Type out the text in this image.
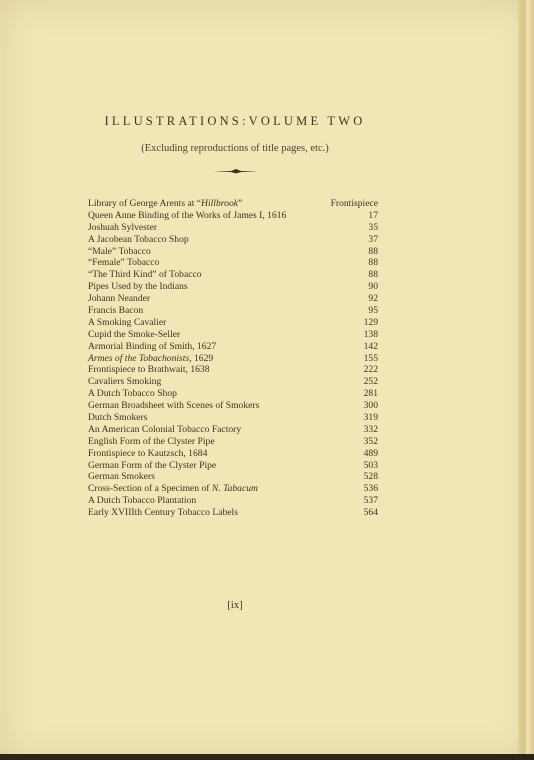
ILLUSTRATIONS:VOLUME TWO
(Excluding reproductions of title pages, etc.)
Library of George Arents at “Hillbrook”	Frontispiece
Queen Anne Binding of the Works of James I, 1616	17
Joshuah Sylvester	35
A Jacobean Tobacco Shop	37
“Male” Tobacco	88
“Female” Tobacco	88
“The Third Kind” of Tobacco	88
Pipes Used by the Indians	90
Johann Neander	92
Francis Bacon	95
A Smoking Cavalier	129
Cupid the Smoke-Seller	138
Armorial Binding of Smith, 1627	142
Armes of the Tobachonists, 1629	155
Frontispiece to Brathwait, 1638	222
Cavaliers Smoking	252
A Dutch Tobacco Shop	281
German Broadsheet with Scenes of Smokers	300
Dutch Smokers	319
An American Colonial Tobacco Factory	332
English Form of the Clyster Pipe	352
Frontispiece to Kautzsch, 1684	489
German Form of the Clyster Pipe	503
German Smokers	528
Cross-Section of a Specimen of N. Tabacum	536
A Dutch Tobacco Plantation	537
Early XVIIIth Century Tobacco Labels	564
[ix]
